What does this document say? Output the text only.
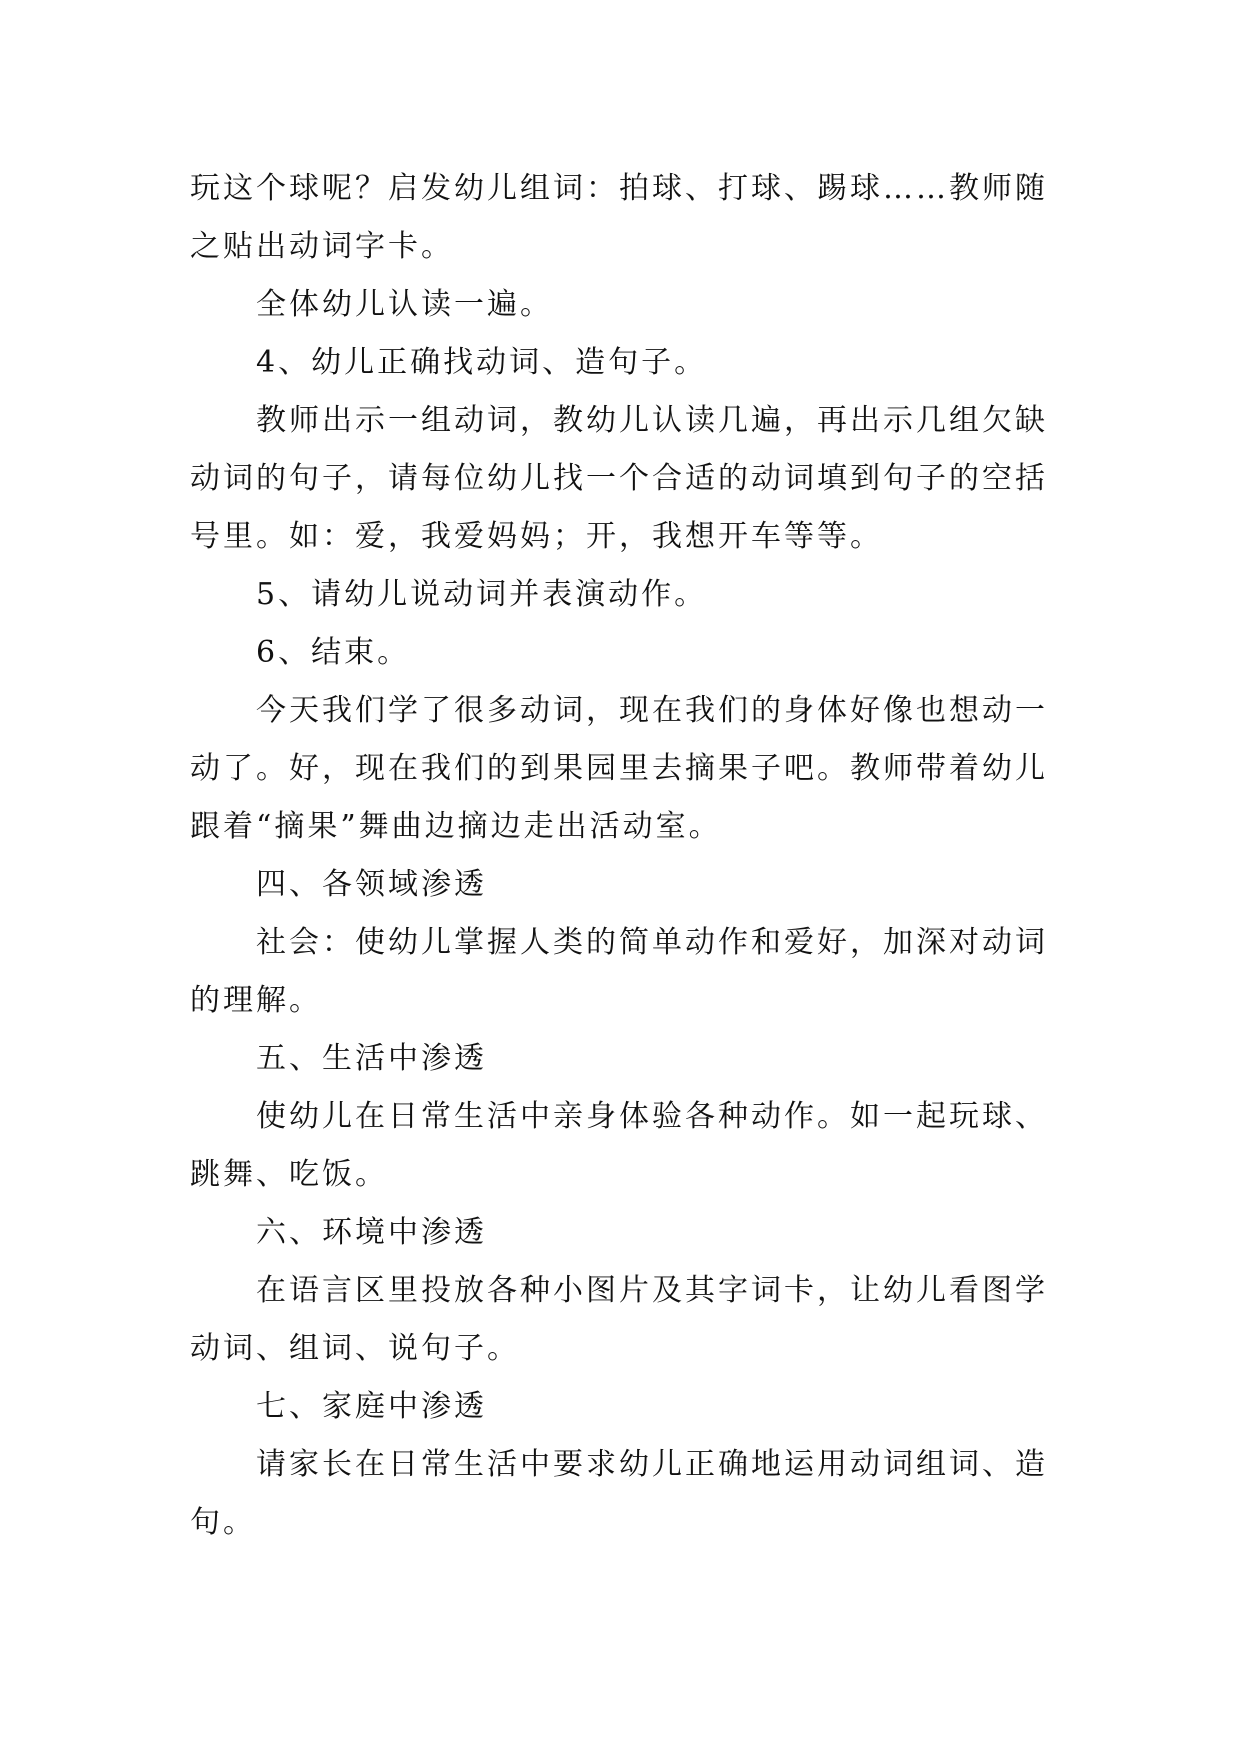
玩这个球呢？启发幼儿组词：拍球、打球、踢球……教师随

之贴出动词字卡。

全体幼儿认读一遍。

4、幼儿正确找动词、造句子。

教师出示一组动词，教幼儿认读几遍，再出示几组欠缺

动词的句子，请每位幼儿找一个合适的动词填到句子的空括

号里。如：爱，我爱妈妈；开，我想开车等等。

5、请幼儿说动词并表演动作。

6、结束。

今天我们学了很多动词，现在我们的身体好像也想动一

动了。好，现在我们的到果园里去摘果子吧。教师带着幼儿

跟着“摘果”舞曲边摘边走出活动室。

四、各领域渗透

社会：使幼儿掌握人类的简单动作和爱好，加深对动词

的理解。

五、生活中渗透

使幼儿在日常生活中亲身体验各种动作。如一起玩球、

跳舞、吃饭。

六、环境中渗透

在语言区里投放各种小图片及其字词卡，让幼儿看图学

动词、组词、说句子。

七、家庭中渗透

请家长在日常生活中要求幼儿正确地运用动词组词、造

句。
